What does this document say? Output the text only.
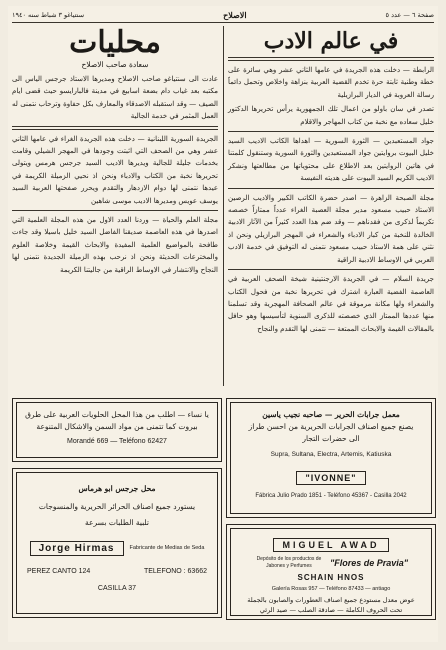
صفحة ٦ — عدد ٥
الاصلاح
سنتياغو ٣ شباط سنه ١٩٤٠
في عالم الادب

الرابطة — دخلت هذه الجريدة في عامها الثاني عشر وهي سائرة على خطة وطنية ثابتة حرة تخدم القضية العربية بنزاهة واخلاص وتحمل دائماً رسالة العروبة في الديار البرازيلية

تصدر في سان باولو من اعمال تلك الجمهورية يرأس تحريرها الدكتور خليل سعاده مع نخبة من كتاب المهاجر والاقلام

جواد المستعبدين — الثورة السورية — اهداها الكاتب الاديب السيد خليل البيوت بروايتين جواد المستعبدين والثورة السورية وستنقول كلمتنا في هاتين الروايتين بعد الاطلاع على محتوياتها من مطالعتها ونشكر الاديب الكريم السيد البيوت على هديته النفيسة

مجلة الصبحة الزاهرة — اصدر حضرة الكاتب الكبير والاديب الرصين الاستاذ حبيب مسعود مدير مجلة العصبة الغراء عدداً ممتازاً خصصه تكريماً لذكرى من فقدناهم — وقد ضم هذا العدد كثيراً من الآثار الادبية الخالدة للنخبة من كبار الادباء والشعراء في المهجر البرازيلي ونحن اذ نثني على همة الاستاذ حبيب مسعود نتمنى له التوفيق في خدمة الادب العربي في الاوساط الادبية الراقية

جريدة السلام — في الجريدة الارجنتينية شيخة الصحف العربية في العاصمة الفضية العبارة اشترك في تحريرها نخبة من فحول الكتاب والشعراء ولها مكانة مرموقة في عالم الصحافة المهجرية وقد تسلمنا منها عددها الممتاز الذي خصصته للذكرى السنوية لتأسيسها وهو حافل بالمقالات القيمة والابحاث الممتعة — نتمنى لها التقدم والنجاح

محليات
سعادة صاحب الاصلاح

عادت الى سنتياغو صاحب الاصلاح ومديرها الاستاذ جرجس الياس الى مكتبه بعد غياب دام بضعة اسابيع في مدينة فالبارايسو حيث قضى ايام الصيف — وقد استقبله الاصدقاء والمعارف بكل حفاوة وترحاب نتمنى له العمل المثمر في خدمة الجالية

الجريدة السورية اللبنانية — دخلت هذه الجريدة الغراء في عامها الثاني عشر وهي من الصحف التي اثبتت وجودها في المهجر الشيلي وقامت بخدمات جليلة للجالية ويديرها الاديب السيد جرجس هرمس ويتولى تحريرها نخبة من الكتاب والادباء ونحن اذ نحيي الزميلة الكريمة في عيدها نتمنى لها دوام الازدهار والتقدم ويحرر صفحتها العربية السيد يوسف عويس ومديرها الاديب موسى شاهين

مجلة العلم والحياة — وردنا العدد الاول من هذه المجلة العلمية التي اصدرها في هذه العاصمة صديقنا الفاضل السيد خليل باسيلا وقد جاءت طافحة بالمواضيع العلمية المفيدة والابحاث القيمة وخلاصة العلوم والمخترعات الحديثة ونحن اذ نرحب بهذه الزميلة الجديدة نتمنى لها النجاح والانتشار في الاوساط الراقية من جاليتنا الكريمة

يا نساء — اطلب من هذا المحل الحلويات العربية على طرق
بيروت كما تتمنى من مواد السمن والاشكال المتنوعة
Morandé 669 — Teléfono 62427
محل جرجس ابو هرماس
يستورد جميع اصناف الحرائر الحريرية والمنسوجات
تلبية الطلبات بسرعة
Jorge Hirmas	Fabricante de Medias de Seda
PEREZ CANTO 124	TELEFONO : 63662
CASILLA 37
معمل جرابات الحرير — صاحبه نجيب ياسين
يصنع جميع اصناف الجرابات الحريرية من احسن طراز
الى حضرات التجار
Supra, Sultana, Electra, Artemis, Katiuska
"IVONNE"
Fábrica Julio Prado 1851 - Teléfono 45367 - Casilla 2042
MIGUEL AWAD
Depósito de los productos de Jabones y Perfumes	"Flores de Pravia"
SCHAIN HNOS
Galería Rosas 957 — Teléfono 87433 — antiago
عوض معدل مستودع جميع اصناف العطورات والصابون بالجملة
تحت الحروف الكاملة — صادقة الصلب — صيد الرئي
